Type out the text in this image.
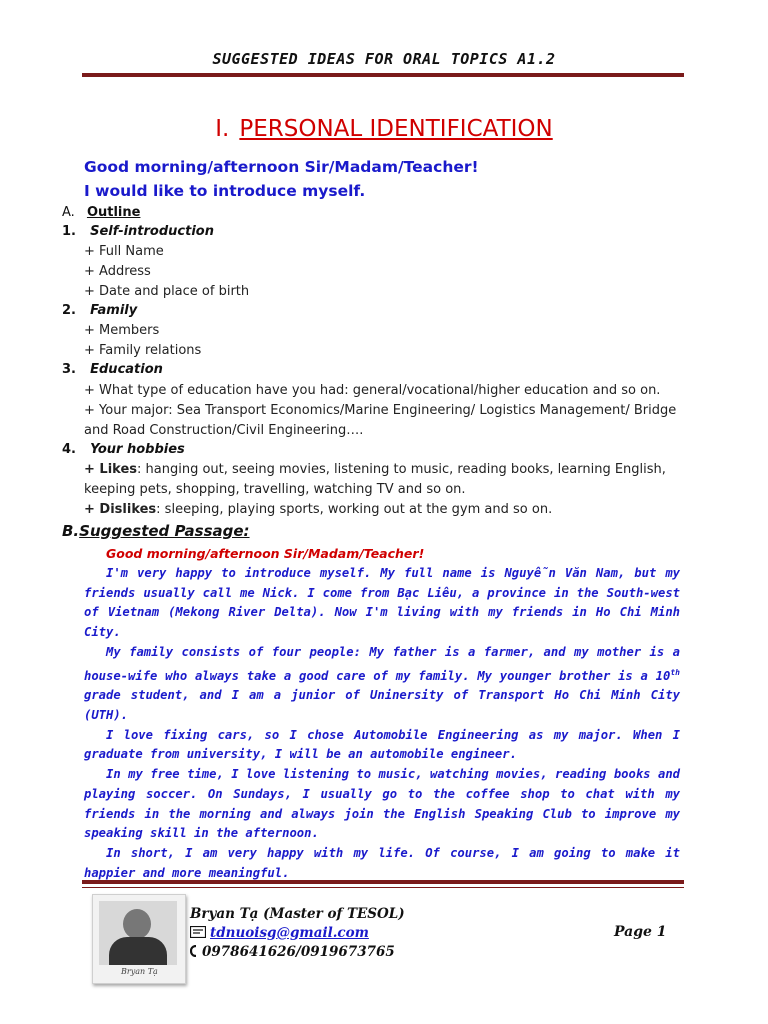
SUGGESTED IDEAS FOR ORAL TOPICS A1.2
I. PERSONAL IDENTIFICATION
Good morning/afternoon Sir/Madam/Teacher!
I would like to introduce myself.
A. Outline
1. Self-introduction
+ Full Name
+ Address
+ Date and place of birth
2. Family
+ Members
+ Family relations
3. Education
+ What type of education have you had: general/vocational/higher education and so on.
+ Your major: Sea Transport Economics/Marine Engineering/ Logistics Management/ Bridge
and Road Construction/Civil Engineering….
4. Your hobbies
+ Likes: hanging out, seeing movies, listening to music, reading books, learning English,
keeping pets, shopping, travelling, watching TV and so on.
+ Dislikes: sleeping, playing sports, working out at the gym and so on.
B.Suggested Passage:
Good morning/afternoon Sir/Madam/Teacher!

I'm very happy to introduce myself. My full name is Nguyễn Văn Nam, but my friends usually call me Nick. I come from Bạc Liêu, a province in the South-west of Vietnam (Mekong River Delta). Now I'm living with my friends in Ho Chi Minh City.

My family consists of four people: My father is a farmer, and my mother is a house-wife who always take a good care of my family. My younger brother is a 10th grade student, and I am a junior of Uninersity of Transport Ho Chi Minh City (UTH).

I love fixing cars, so I chose Automobile Engineering as my major. When I graduate from university, I will be an automobile engineer.

In my free time, I love listening to music, watching movies, reading books and playing soccer. On Sundays, I usually go to the coffee shop to chat with my friends in the morning and always join the English Speaking Club to improve my speaking skill in the afternoon.

In short, I am very happy with my life. Of course, I am going to make it happier and more meaningful.

Bryan Tạ
Bryan Tạ (Master of TESOL)
tdnuoisg@gmail.com
0978641626/0919673765
Page 1
